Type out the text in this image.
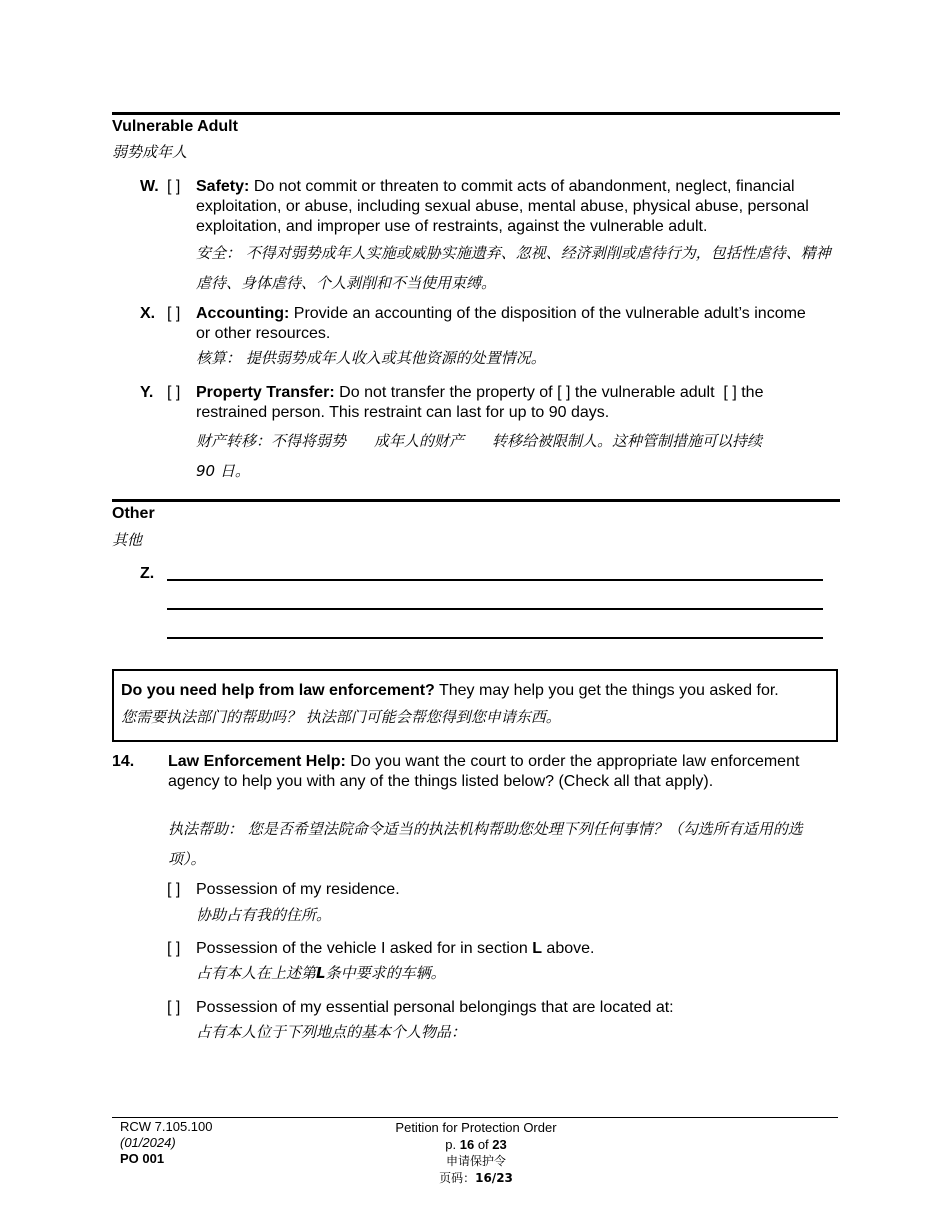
Vulnerable Adult
弱势成年人
W. [ ] Safety: Do not commit or threaten to commit acts of abandonment, neglect, financial exploitation, or abuse, including sexual abuse, mental abuse, physical abuse, personal exploitation, and improper use of restraints, against the vulnerable adult.
安全： 不得对弱势成年人实施或威胁实施遗弃、忽视、经济剥削或虐待行为，包括性虐待、精神虐待、身体虐待、个人剥削和不当使用束缚。
X. [ ] Accounting: Provide an accounting of the disposition of the vulnerable adult’s income or other resources.
核算： 提供弱势成年人收入或其他资源的处置情况。
Y. [ ] Property Transfer: Do not transfer the property of [ ] the vulnerable adult [ ] the restrained person. This restraint can last for up to 90 days.
财产转移：不得将弱势 成年人的财产 转移给被限制人。这种管制措施可以持续
90 日。
Other
其他
Z.
Do you need help from law enforcement? They may help you get the things you asked for.
您需要执法部门的帮助吗？ 执法部门可能会帮您得到您申请东西。
14. Law Enforcement Help: Do you want the court to order the appropriate law enforcement agency to help you with any of the things listed below? (Check all that apply).
执法帮助： 您是否希望法院命令适当的执法机构帮助您处理下列任何事情？（勾选所有适用的选项）。
[ ] Possession of my residence.
协助占有我的住所。
[ ] Possession of the vehicle I asked for in section L above.
占有本人在上述第L条中要求的车辆。
[ ] Possession of my essential personal belongings that are located at:
占有本人位于下列地点的基本个人物品：
RCW 7.105.100
(01/2024)
PO 001
Petition for Protection Order
p. 16 of 23
申请保护令
页码：16/23
